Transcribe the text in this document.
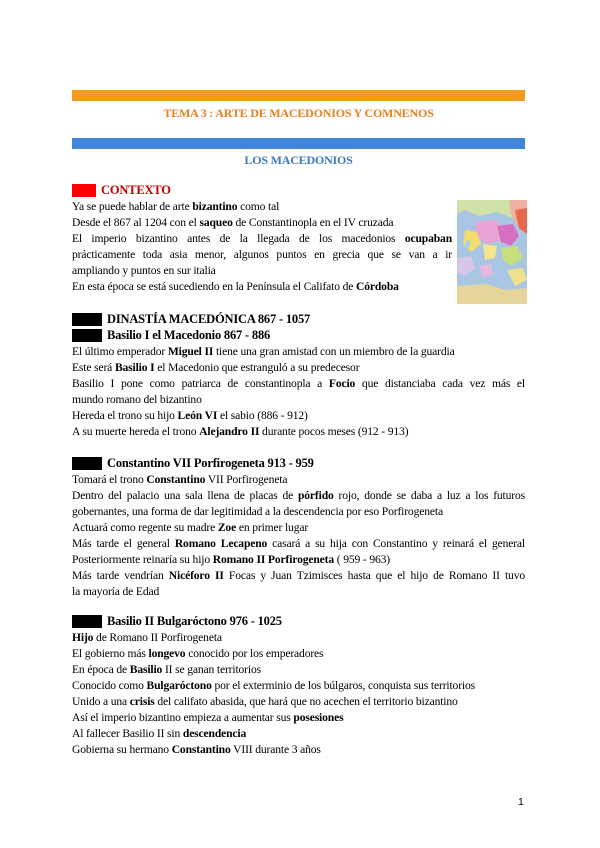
TEMA 3 : ARTE DE MACEDONIOS Y COMNENOS
LOS MACEDONIOS
CONTEXTO
Ya se puede hablar de arte bizantino como tal
Desde el 867 al 1204 con el saqueo de Constantinopla en el IV cruzada
El imperio bizantino antes de la llegada de los macedonios ocupaban
prácticamente toda asia menor, algunos puntos en grecia que se van a ir
ampliando y puntos en sur italia
En esta época se está sucediendo en la Península el Califato de Córdoba
DINASTÍA MACEDÓNICA 867 - 1057
Basilio I el Macedonio 867 - 886
El último emperador Miguel II tiene una gran amistad con un miembro de la guardia
Este será Basilio I el Macedonio que estranguló a su predecesor
Basilio I pone como patriarca de constantinopla a Focio que distanciaba cada vez más el
mundo romano del bizantino
Hereda el trono su hijo León VI el sabio (886 - 912)
A su muerte hereda el trono Alejandro II durante pocos meses (912 - 913)
Constantino VII Porfirogeneta 913 - 959
Tomará el trono Constantino VII Porfirogeneta
Dentro del palacio una sala llena de placas de pórfido rojo, donde se daba a luz a los futuros
gobernantes, una forma de dar legitimidad a la descendencia por eso Porfirogeneta
Actuará como regente su madre Zoe en primer lugar
Más tarde el general Romano Lecapeno casará a su hija con Constantino y reinará el general
Posteriormente reinaría su hijo Romano II Porfirogeneta ( 959 - 963)
Más tarde vendrían Nicéforo II Focas y Juan Tzimisces hasta que el hijo de Romano II tuvo
la mayoría de Edad
Basilio II Bulgaróctono 976 - 1025
Hijo de Romano II Porfirogeneta
El gobierno más longevo conocido por los emperadores
En época de Basilio II se ganan territorios
Conocido como Bulgaróctono por el exterminio de los búlgaros, conquista sus territorios
Unido a una crisis del califato abasida, que hará que no acechen el territorio bizantino
Así el imperio bizantino empieza a aumentar sus posesiones
Al fallecer Basilio II sin descendencia
Gobierna su hermano Constantino VIII durante 3 años
1
